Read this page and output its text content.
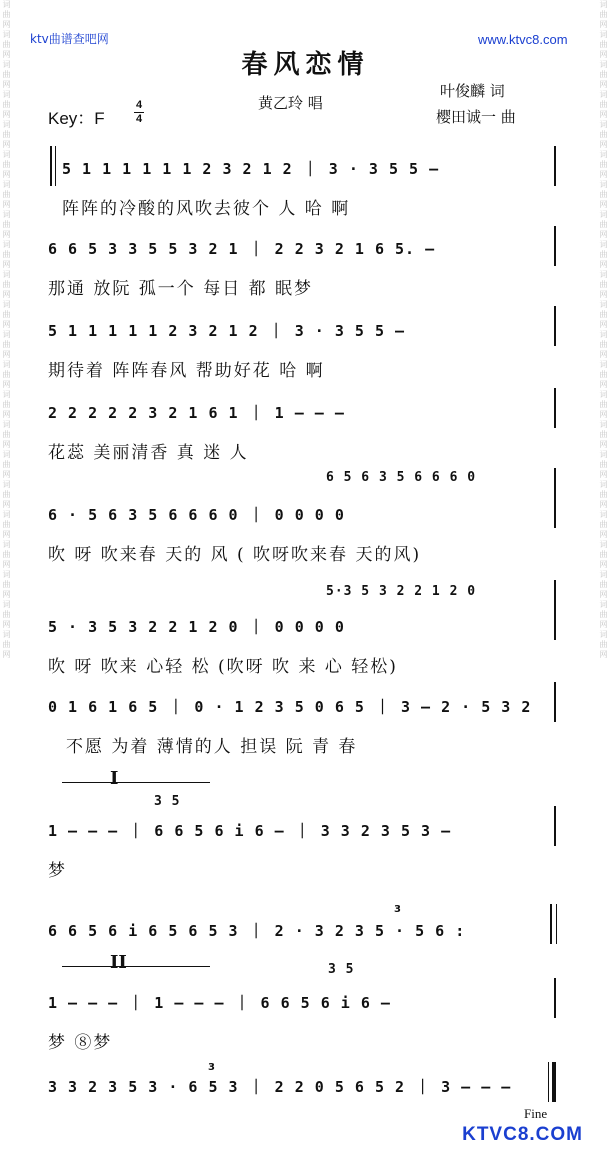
词曲网词曲网词曲网词曲网词曲网词曲网词曲网词曲网词曲网词曲网词曲网词曲网词曲网词曲网词曲网词曲网词曲网词曲网词曲网词曲网词曲网词曲网	词曲网词曲网词曲网词曲网词曲网词曲网词曲网词曲网词曲网词曲网词曲网词曲网词曲网词曲网词曲网词曲网词曲网词曲网词曲网词曲网词曲网词曲网
ktv曲谱查吧网	www.ktvc8.com
春风恋情
黄乙玲 唱
叶俊麟 词
樱田诚一 曲
Key：F
4
4
5 1 1 1 1 1 1 2 3 2 1 2 ｜ 3 · 3 5 5 —
阵阵的冷酸的风吹去彼个 人 哈 啊
6 6 5 3 3 5 5 3 2 1 ｜ 2 2 3 2 1 6 5. —
那通 放阮 孤一个 每日 都 眠梦
5 1 1 1 1 1 2 3 2 1 2 ｜ 3 · 3 5 5 —
期待着 阵阵春风 帮助好花 哈 啊
2 2 2 2 2 3 2 1 6 1 ｜ 1 — — —
花蕊 美丽清香 真 迷 人
6 5 6 3 5 6 6 6 0
6 · 5 6 3 5 6 6 6 0 ｜ 0 0 0 0
吹 呀 吹来春 天的 风 ( 吹呀吹来春 天的风)
5·3 5 3 2 2 1 2 0
5 · 3 5 3 2 2 1 2 0 ｜ 0 0 0 0
吹 呀 吹来 心轻 松 (吹呀 吹 来 心 轻松)
0 1 6 1 6 5 ｜ 0 · 1 2 3 5 0 6 5 ｜ 3 — 2 · 5 3 2
不愿 为着 薄情的人 担误 阮 青 春
I
3 5
1 — — — ｜ 6 6 5 6 i 6 — ｜ 3 3 2 3 5 3 —
梦
3
6 6 5 6 i 6 5 6 5 3 ｜ 2 · 3 2 3 5 · 5 6 :
II	3 5
1 — — — ｜ 1 — — — ｜ 6 6 5 6 i 6 —
梦 ⑧梦
3
3 3 2 3 5 3 · 6 5 3 ｜ 2 2 0 5 6 5 2 ｜ 3 — — —
Fine
KTVC8.COM
